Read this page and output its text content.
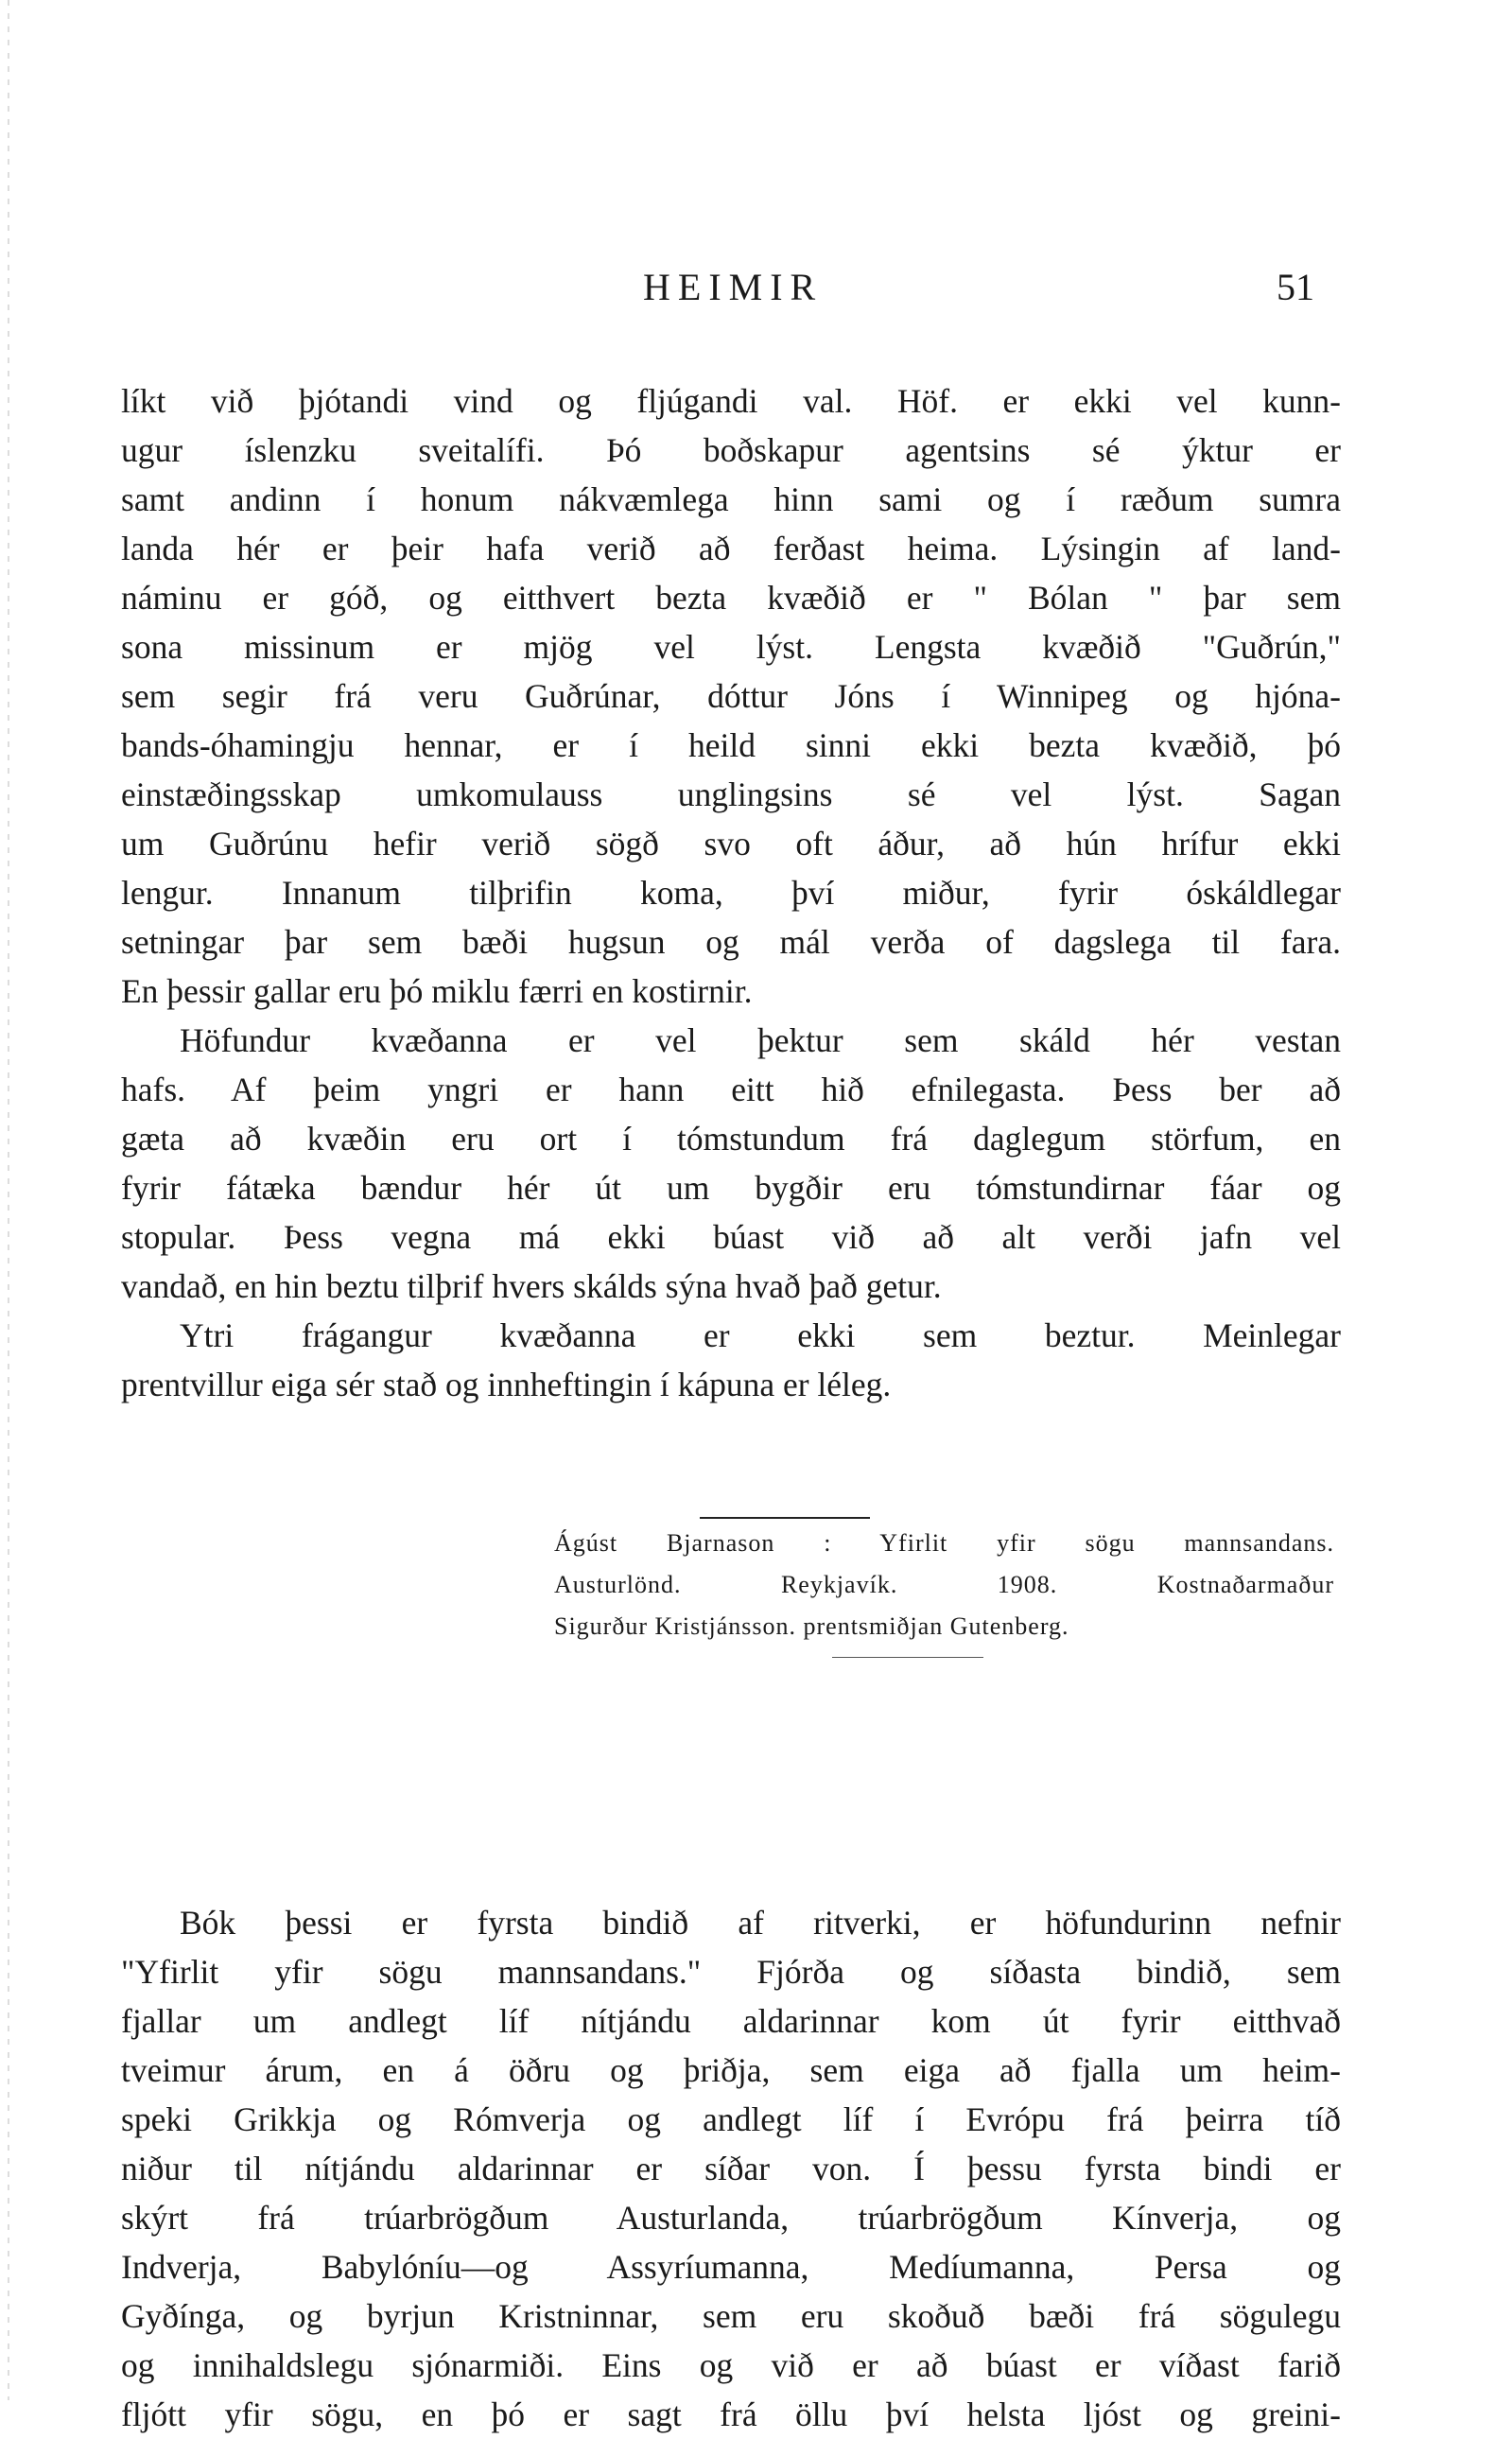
HEIMIR	51
líkt við þjótandi vind og fljúgandi val. Höf. er ekki vel kunn-
ugur íslenzku sveitalífi. Þó boðskapur agentsins sé ýktur er
samt andinn í honum nákvæmlega hinn sami og í ræðum sumra
landa hér er þeir hafa verið að ferðast heima. Lýsingin af land-
náminu er góð, og eitthvert bezta kvæðið er " Bólan " þar sem
sona missinum er mjög vel lýst. Lengsta kvæðið "Guðrún,"
sem segir frá veru Guðrúnar, dóttur Jóns í Winnipeg og hjóna-
bands-óhamingju hennar, er í heild sinni ekki bezta kvæðið, þó
einstæðingsskap umkomulauss unglingsins sé vel lýst. Sagan
um Guðrúnu hefir verið sögð svo oft áður, að hún hrífur ekki
lengur. Innanum tilþrifin koma, því miður, fyrir óskáldlegar
setningar þar sem bæði hugsun og mál verða of dagslega til fara.
En þessir gallar eru þó miklu færri en kostirnir.
Höfundur kvæðanna er vel þektur sem skáld hér vestan
hafs. Af þeim yngri er hann eitt hið efnilegasta. Þess ber að
gæta að kvæðin eru ort í tómstundum frá daglegum störfum, en
fyrir fátæka bændur hér út um bygðir eru tómstundirnar fáar og
stopular. Þess vegna má ekki búast við að alt verði jafn vel
vandað, en hin beztu tilþrif hvers skálds sýna hvað það getur.
Ytri frágangur kvæðanna er ekki sem beztur. Meinlegar
prentvillur eiga sér stað og innheftingin í kápuna er léleg.
Ágúst Bjarnason : Yfirlit yfir sögu mannsandans.
Austurlönd. Reykjavík. 1908. Kostnaðarmaður
Sigurður Kristjánsson. prentsmiðjan Gutenberg.
Bók þessi er fyrsta bindið af ritverki, er höfundurinn nefnir
"Yfirlit yfir sögu mannsandans." Fjórða og síðasta bindið, sem
fjallar um andlegt líf nítjándu aldarinnar kom út fyrir eitthvað
tveimur árum, en á öðru og þriðja, sem eiga að fjalla um heim-
speki Grikkja og Rómverja og andlegt líf í Evrópu frá þeirra tíð
niður til nítjándu aldarinnar er síðar von. Í þessu fyrsta bindi er
skýrt frá trúarbrögðum Austurlanda, trúarbrögðum Kínverja, og
Indverja, Babylóníu—og Assyríumanna, Medíumanna, Persa og
Gyðínga, og byrjun Kristninnar, sem eru skoðuð bæði frá sögulegu
og innihaldslegu sjónarmiði. Eins og við er að búast er víðast farið
fljótt yfir sögu, en þó er sagt frá öllu því helsta ljóst og greini-
